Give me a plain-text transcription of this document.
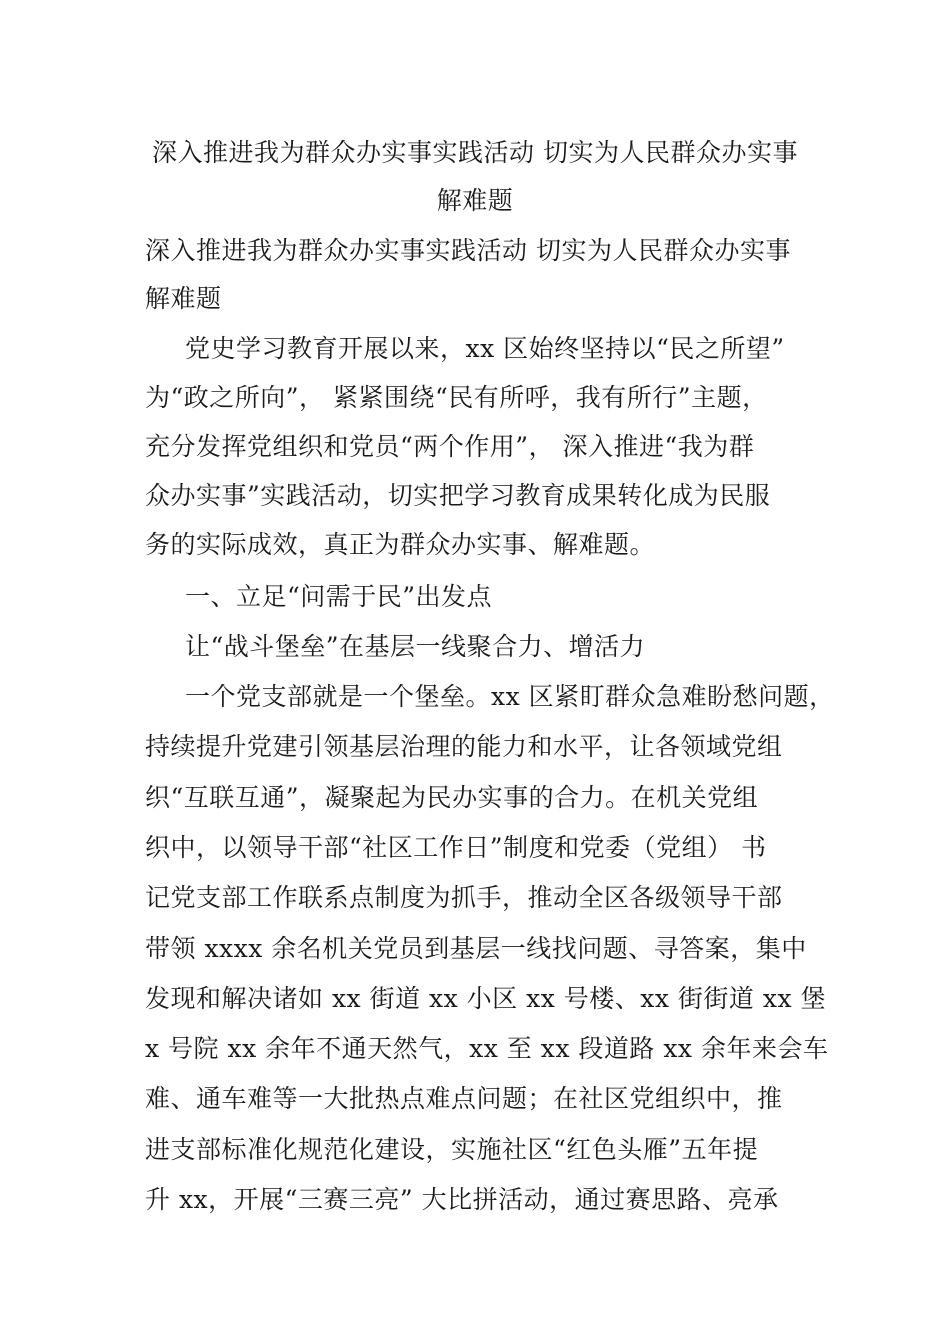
深入推进我为群众办实事实践活动 切实为人民群众办实事
解难题
深入推进我为群众办实事实践活动 切实为人民群众办实事
解难题
党史学习教育开展以来，xx 区始终坚持以“民之所望”
为“政之所向”， 紧紧围绕“民有所呼，我有所行”主题，
充分发挥党组织和党员“两个作用”， 深入推进“我为群
众办实事”实践活动，切实把学习教育成果转化成为民服
务的实际成效，真正为群众办实事、解难题。
一、立足“问需于民”出发点
让“战斗堡垒”在基层一线聚合力、增活力
一个党支部就是一个堡垒。xx 区紧盯群众急难盼愁问题，
持续提升党建引领基层治理的能力和水平，让各领域党组
织“互联互通”，凝聚起为民办实事的合力。在机关党组
织中，以领导干部“社区工作日”制度和党委（党组） 书
记党支部工作联系点制度为抓手，推动全区各级领导干部
带领 xxxx 余名机关党员到基层一线找问题、寻答案，集中
发现和解决诸如 xx 街道 xx 小区 xx 号楼、xx 街街道 xx 堡
x 号院 xx 余年不通天然气，xx 至 xx 段道路 xx 余年来会车
难、通车难等一大批热点难点问题；在社区党组织中，推
进支部标准化规范化建设，实施社区“红色头雁”五年提
升 xx，开展“三赛三亮” 大比拼活动，通过赛思路、亮承
